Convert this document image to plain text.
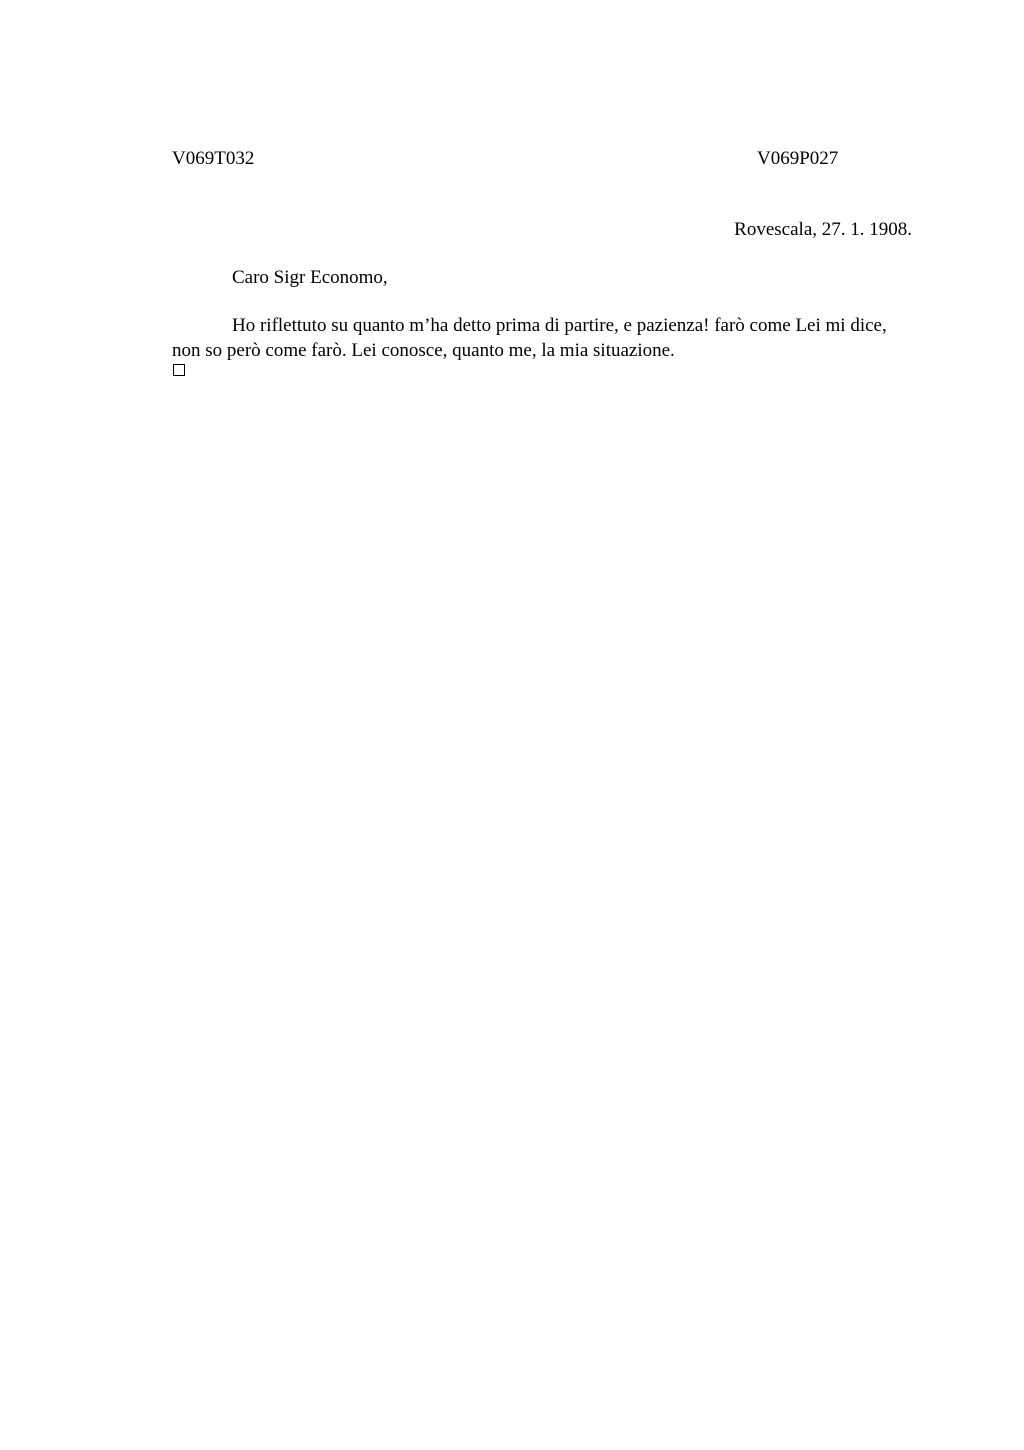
V069T032	V069P027
Rovescala, 27. 1. 1908.
Caro Sigr Economo,

Ho riflettuto su quanto m’ha detto prima di partire, e pazienza! farò come Lei mi dice, non so però come farò. Lei conosce, quanto me, la mia situazione.
